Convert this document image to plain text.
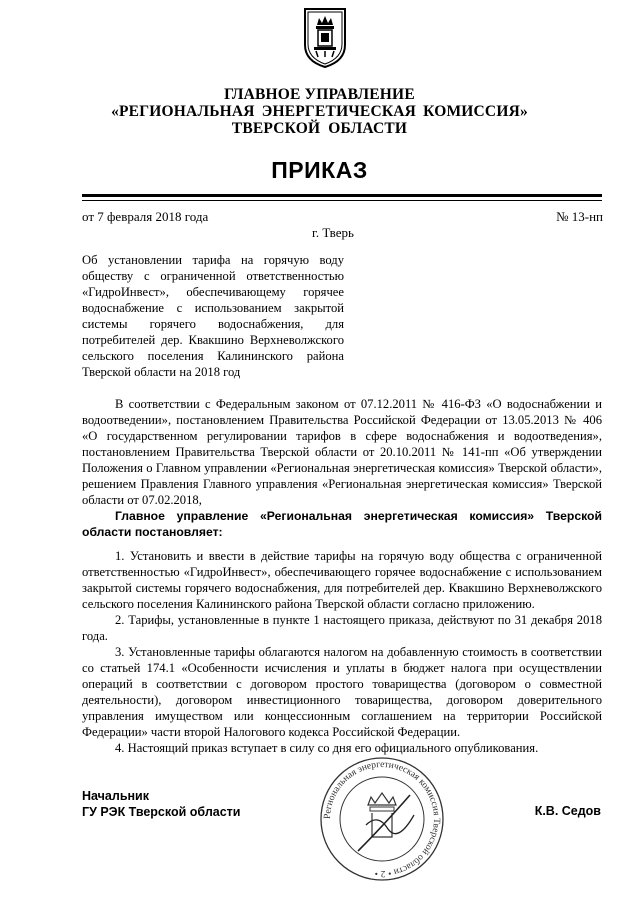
ГЛАВНОЕ УПРАВЛЕНИЕ
«РЕГИОНАЛЬНАЯ ЭНЕРГЕТИЧЕСКАЯ КОМИССИЯ»
ТВЕРСКОЙ ОБЛАСТИ
ПРИКАЗ
от 7 февраля 2018 года	№ 13-нп
г. Тверь
Об установлении тарифа на горячую воду
обществу с ограниченной ответственностью
«ГидроИнвест», обеспечивающему горячее
водоснабжение с использованием закрытой
системы горячего водоснабжения, для
потребителей дер. Квакшино Верхневолжского
сельского поселения Калининского района
Тверской области на 2018 год
В соответствии с Федеральным законом от 07.12.2011 № 416-ФЗ «О водоснабжении и водоотведении», постановлением Правительства Российской Федерации от 13.05.2013 № 406 «О государственном регулировании тарифов в сфере водоснабжения и водоотведения», постановлением Правительства Тверской области от 20.10.2011 № 141-пп «Об утверждении Положения о Главном управлении «Региональная энергетическая комиссия» Тверской области», решением Правления Главного управления «Региональная энергетическая комиссия» Тверской области от 07.02.2018,
Главное управление «Региональная энергетическая комиссия» Тверской области постановляет:

1. Установить и ввести в действие тарифы на горячую воду общества с ограниченной ответственностью «ГидроИнвест», обеспечивающего горячее водоснабжение с использованием закрытой системы горячего водоснабжения, для потребителей дер. Квакшино Верхневолжского сельского поселения Калининского района Тверской области согласно приложению.

2. Тарифы, установленные в пункте 1 настоящего приказа, действуют по 31 декабря 2018 года.

3. Установленные тарифы облагаются налогом на добавленную стоимость в соответствии со статьей 174.1 «Особенности исчисления и уплаты в бюджет налога при осуществлении операций в соответствии с договором простого товарищества (договором о совместной деятельности), договором инвестиционного товарищества, договором доверительного управления имуществом или концессионным соглашением на территории Российской Федерации» части второй Налогового кодекса Российской Федерации.

4. Настоящий приказ вступает в силу со дня его официального опубликования.

Начальник
ГУ РЭК Тверской области	К.В. Седов
Региональная энергетическая комиссия Тверской области • 2 •
